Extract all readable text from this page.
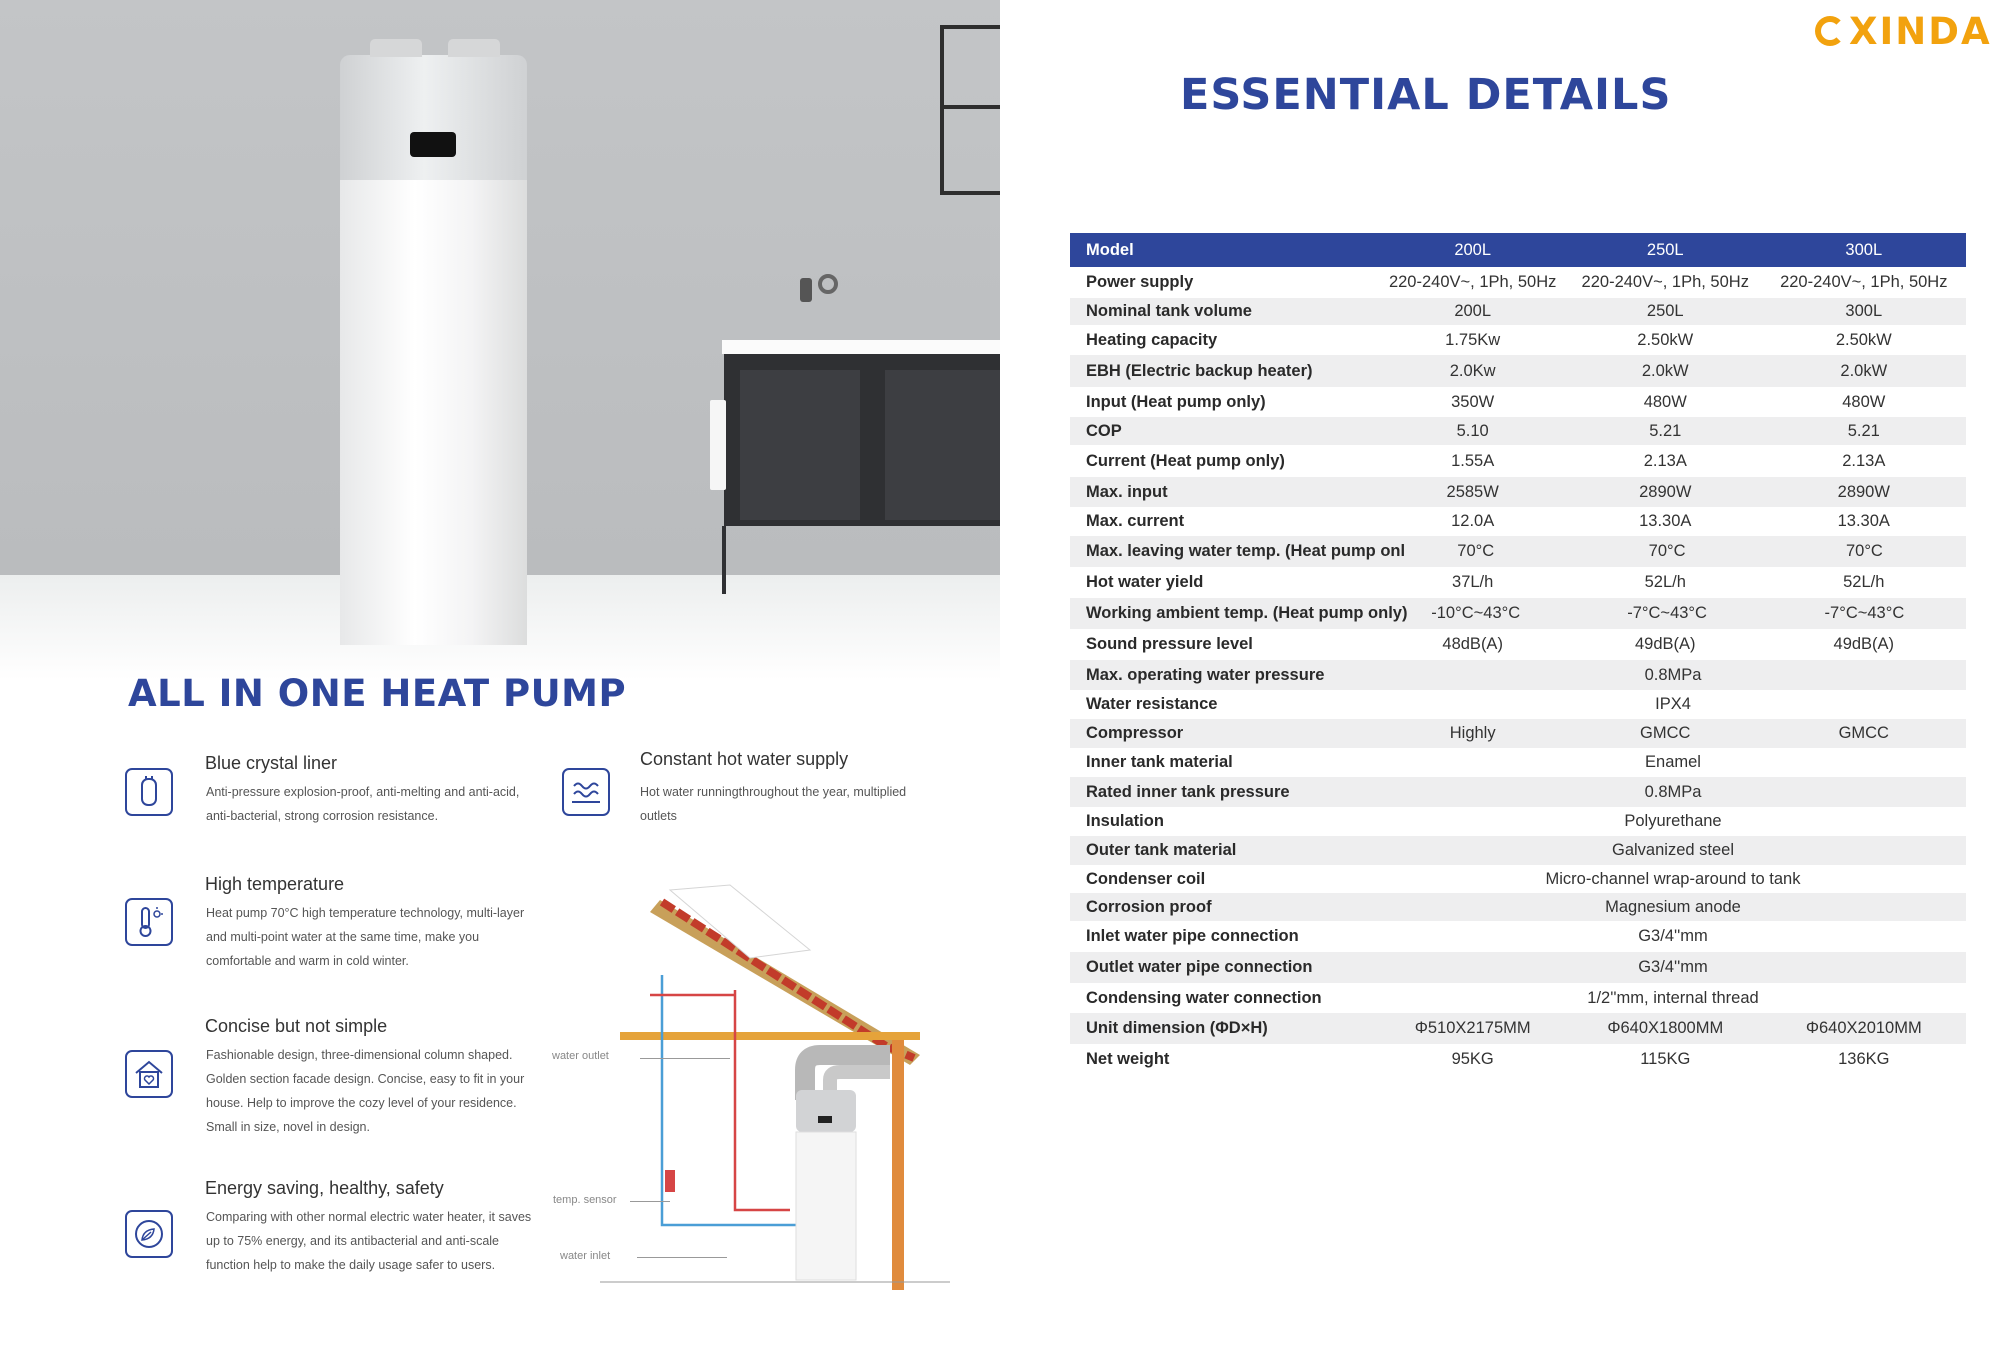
ALL IN ONE HEAT PUMP
Blue crystal liner
Anti-pressure explosion-proof, anti-melting and anti-acid, anti-bacterial, strong corrosion resistance.
Constant hot water supply
Hot water runningthroughout the year, multiplied outlets
High temperature
Heat pump 70°C high temperature technology, multi-layer and multi-point water at the same time, make you comfortable and warm in cold winter.
Concise but not simple
Fashionable design, three-dimensional column shaped. Golden section facade design. Concise, easy to fit in your house. Help to improve the cozy level of your residence. Small in size, novel in design.
Energy saving, healthy, safety
Comparing with other normal electric water heater, it saves up to 75% energy, and its antibacterial and anti-scale function help to make the daily usage safer to users.
water outlet
temp. sensor
water inlet
XINDA
ESSENTIAL DETAILS
Model	200L	250L	300L
Power supply	220-240V~, 1Ph, 50Hz	220-240V~, 1Ph, 50Hz	220-240V~, 1Ph, 50Hz
Nominal tank volume	200L	250L	300L
Heating capacity	1.75Kw	2.50kW	2.50kW
EBH (Electric backup heater)	2.0Kw	2.0kW	2.0kW
Input (Heat pump only)	350W	480W	480W
COP	5.10	5.21	5.21
Current (Heat pump only)	1.55A	2.13A	2.13A
Max. input	2585W	2890W	2890W
Max. current	12.0A	13.30A	13.30A
Max. leaving water temp. (Heat pump onl	70°C	70°C	70°C
Hot water yield	37L/h	52L/h	52L/h
Working ambient temp. (Heat pump only)	-10°C~43°C	-7°C~43°C	-7°C~43°C
Sound pressure level	48dB(A)	49dB(A)	49dB(A)
Max. operating water pressure	0.8MPa
Water resistance	IPX4
Compressor	Highly	GMCC	GMCC
Inner tank material	Enamel
Rated inner tank pressure	0.8MPa
Insulation	Polyurethane
Outer tank material	Galvanized steel
Condenser coil	Micro-channel wrap-around to tank
Corrosion proof	Magnesium anode
Inlet water pipe connection	G3/4''mm
Outlet water pipe connection	G3/4''mm
Condensing water connection	1/2''mm, internal thread
Unit dimension (ΦD×H)	Φ510X2175MM	Φ640X1800MM	Φ640X2010MM
Net weight	95KG	115KG	136KG
